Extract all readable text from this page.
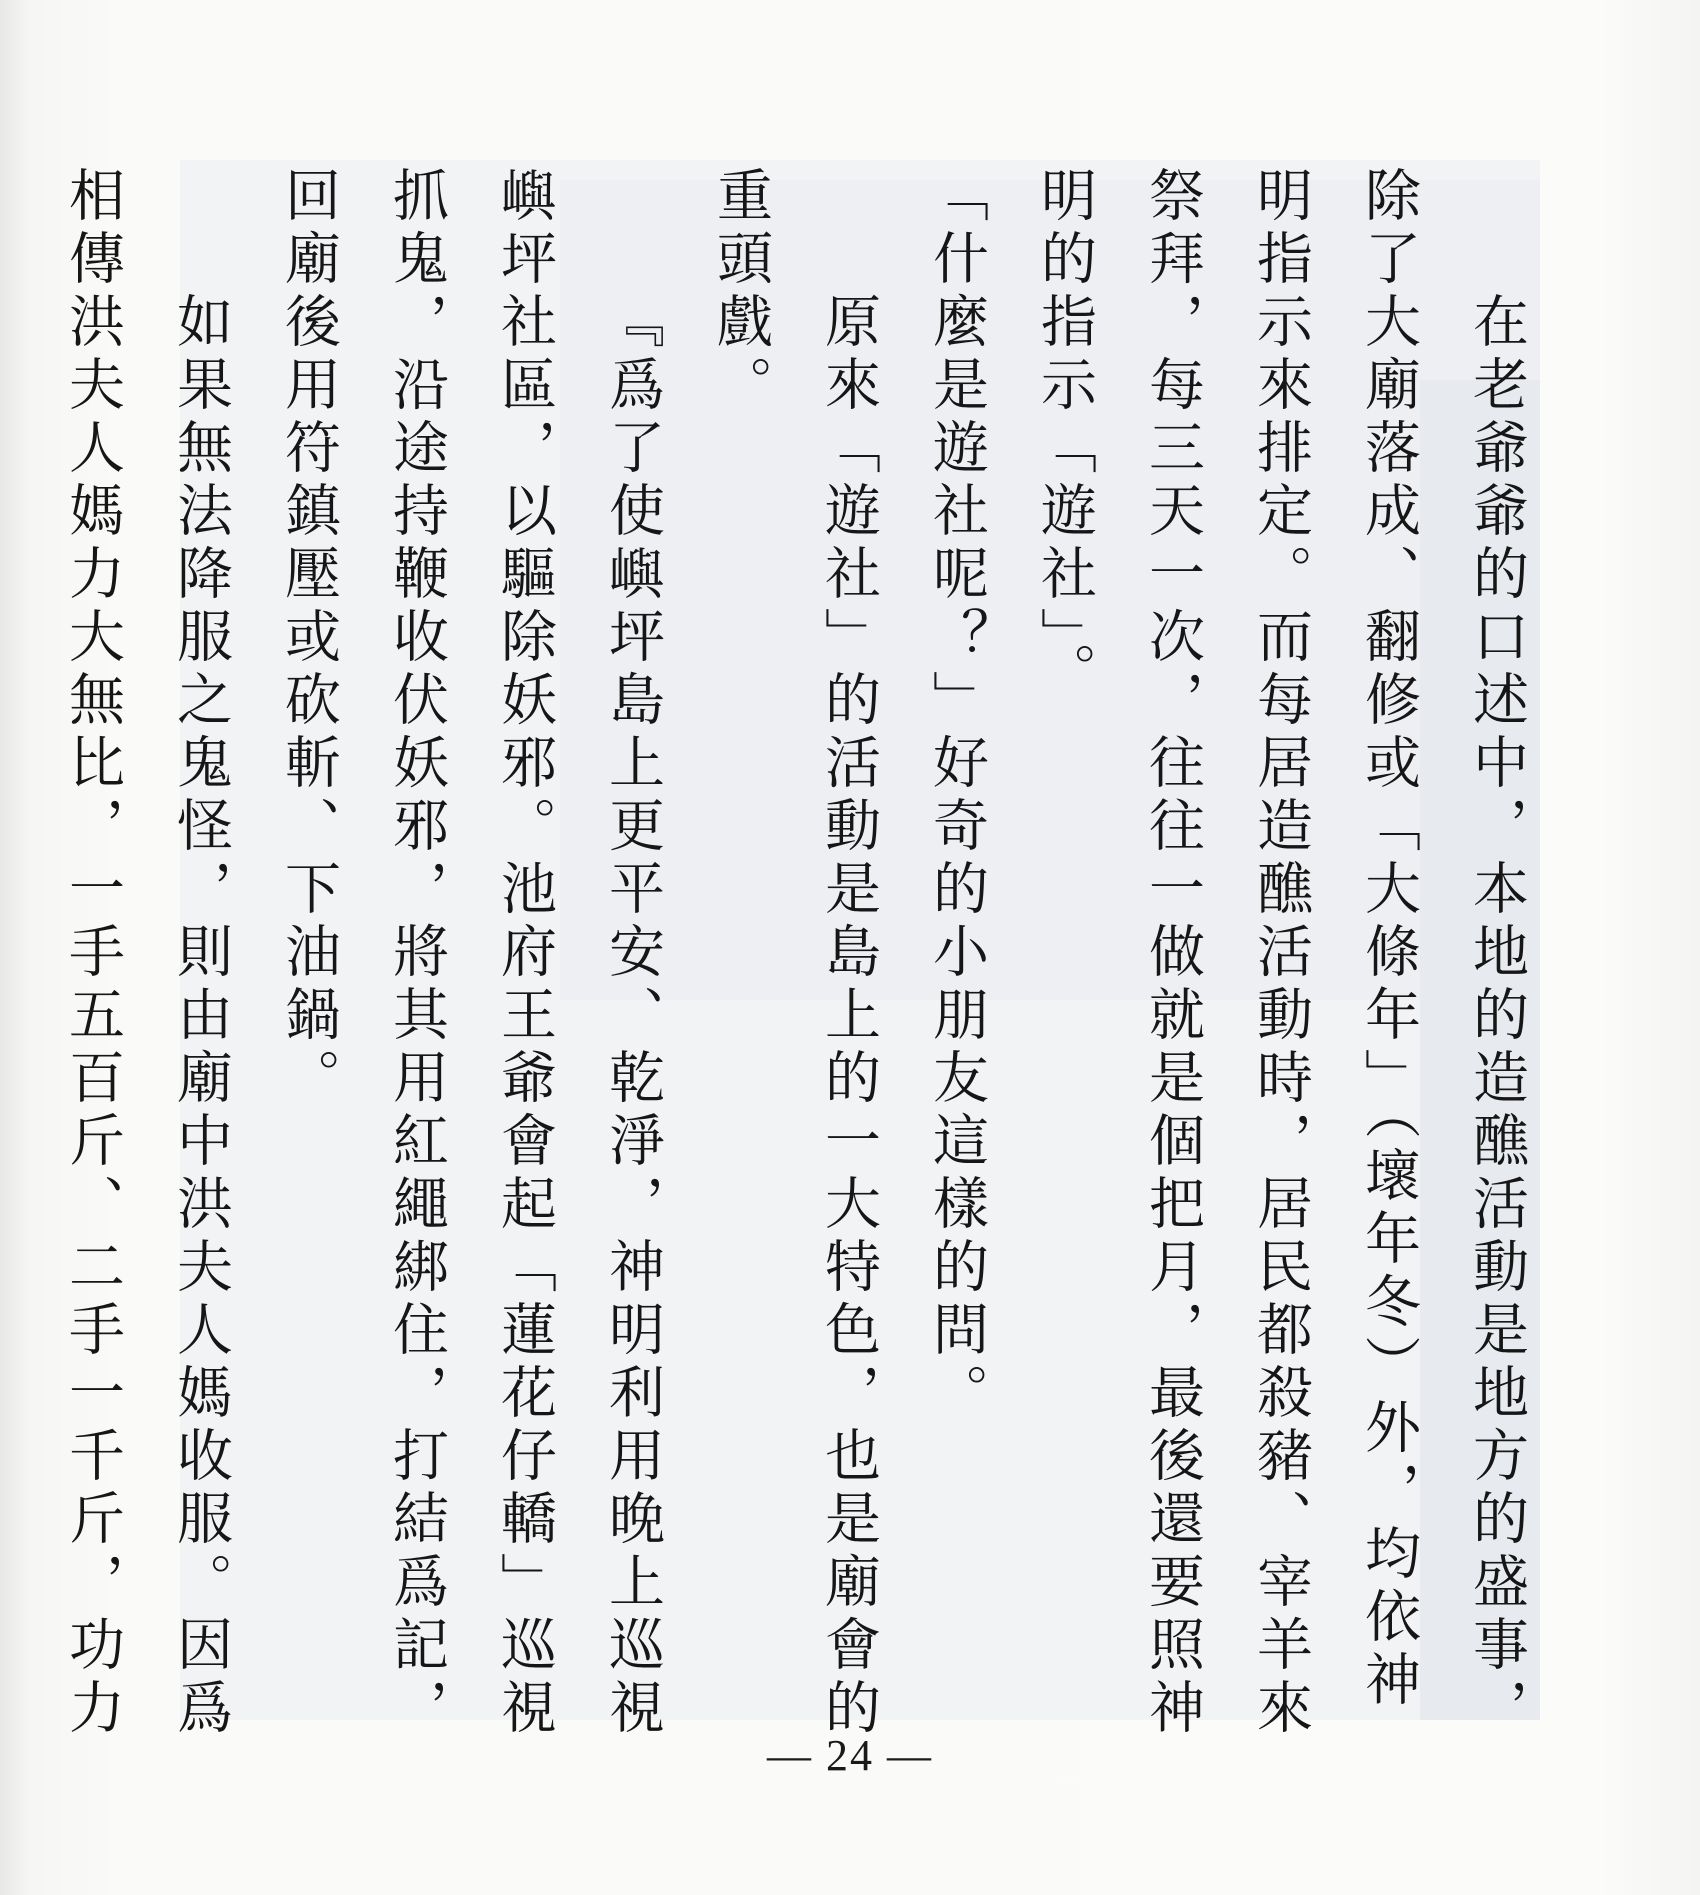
在老爺爺的口述中，本地的造醮活動是地方的盛事，
除了大廟落成、翻修或「大條年」（壞年冬）外，均依神
明指示來排定。而每居造醮活動時，居民都殺豬、宰羊來
祭拜，每三天一次，往往一做就是個把月，最後還要照神
明的指示「遊社」。
「什麼是遊社呢？」好奇的小朋友這樣的問。
原來「遊社」的活動是島上的一大特色，也是廟會的
重頭戲。
『爲了使嶼坪島上更平安、乾淨，神明利用晚上巡視
嶼坪社區，以驅除妖邪。池府王爺會起「蓮花仔轎」巡視
抓鬼，沿途持鞭收伏妖邪，將其用紅繩綁住，打結爲記，
回廟後用符鎮壓或砍斬、下油鍋。
如果無法降服之鬼怪，則由廟中洪夫人媽收服。因爲
相傳洪夫人媽力大無比，一手五百斤、二手一千斤，功力
— 24 —
